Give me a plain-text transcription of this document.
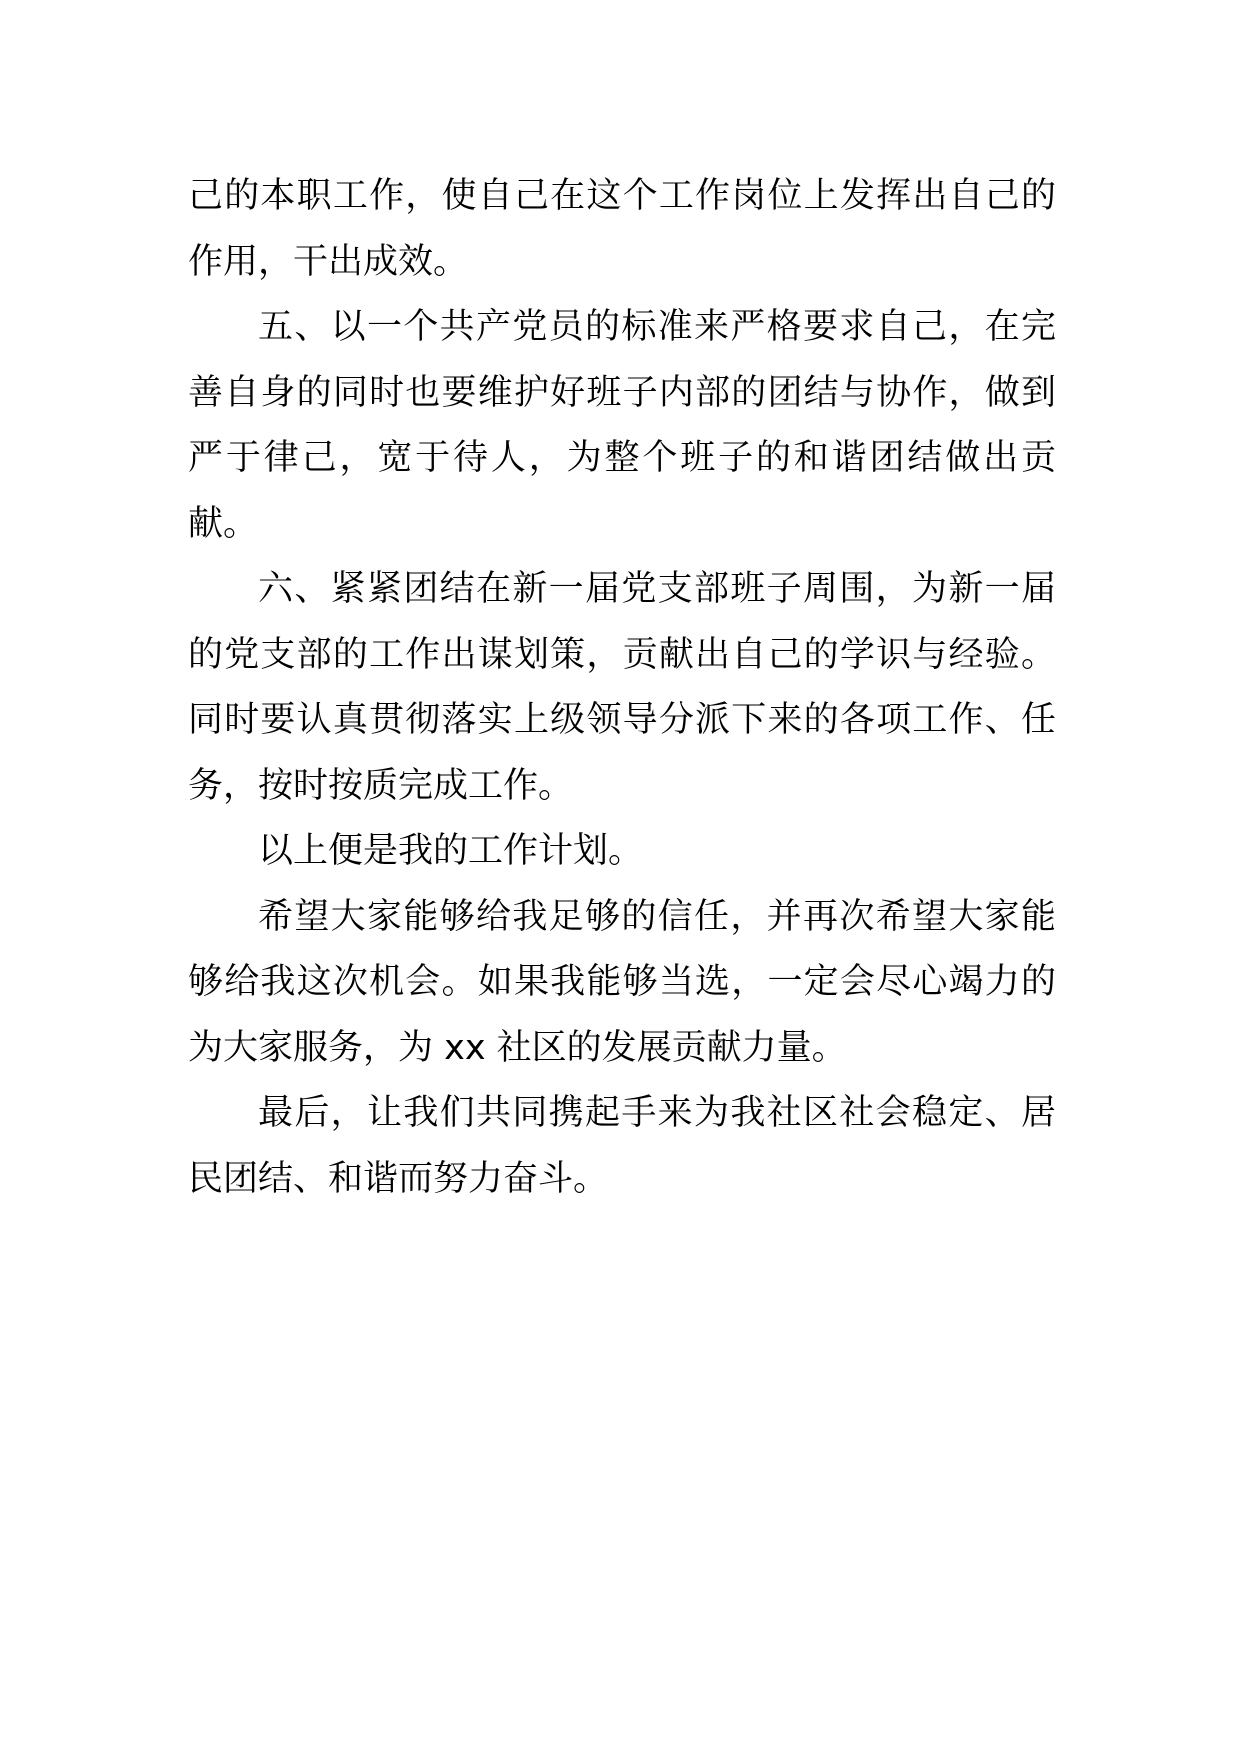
己的本职工作，使自己在这个工作岗位上发挥出自己的作用，干出成效。

五、以一个共产党员的标准来严格要求自己，在完善自身的同时也要维护好班子内部的团结与协作，做到严于律己，宽于待人，为整个班子的和谐团结做出贡献。

六、紧紧团结在新一届党支部班子周围，为新一届的党支部的工作出谋划策，贡献出自己的学识与经验。同时要认真贯彻落实上级领导分派下来的各项工作、任务，按时按质完成工作。

以上便是我的工作计划。

希望大家能够给我足够的信任，并再次希望大家能够给我这次机会。如果我能够当选，一定会尽心竭力的为大家服务，为 xx 社区的发展贡献力量。

最后，让我们共同携起手来为我社区社会稳定、居民团结、和谐而努力奋斗。
